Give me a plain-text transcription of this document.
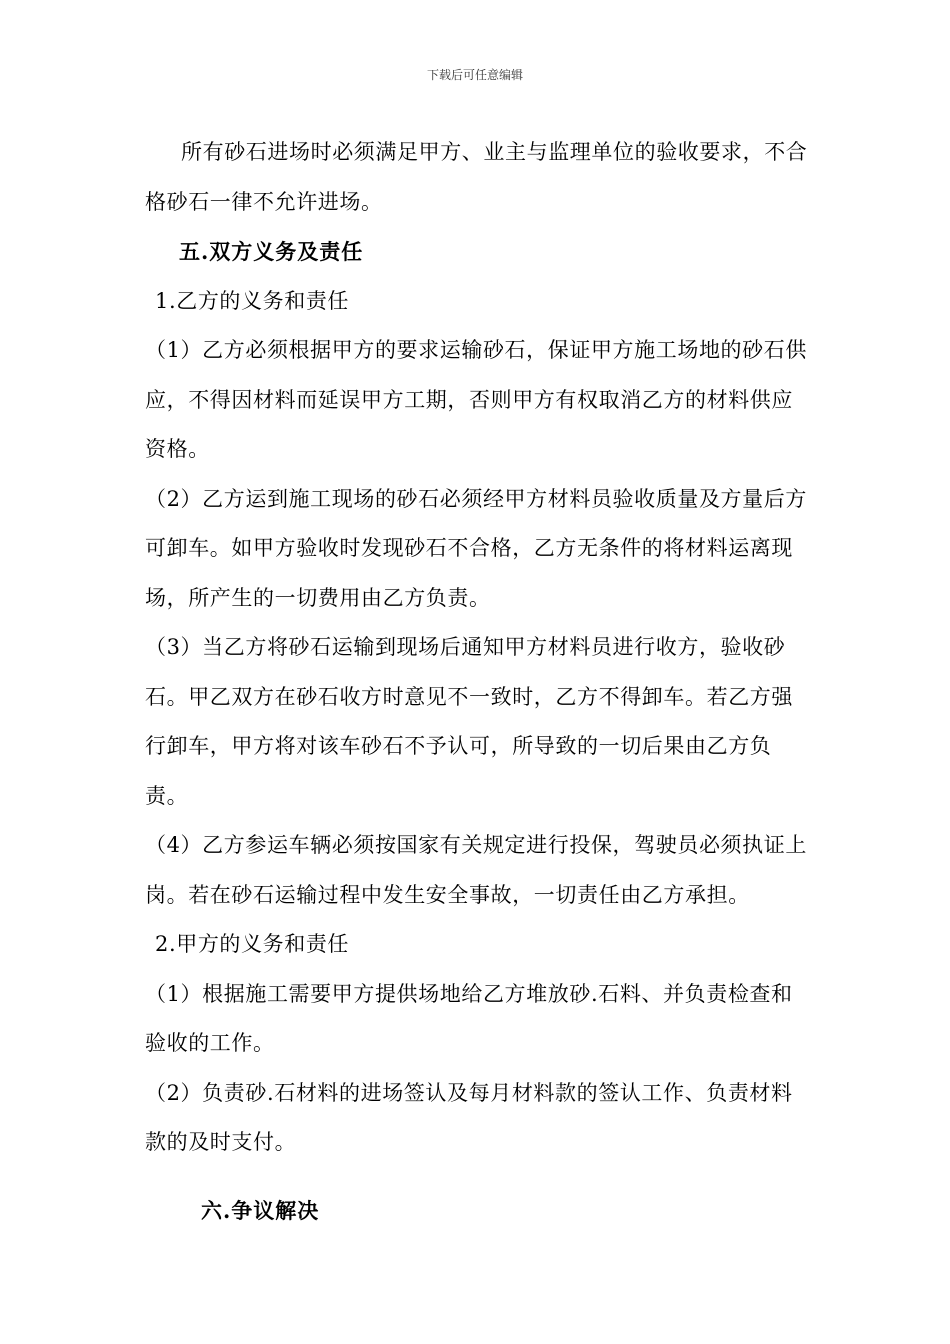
下载后可任意编辑

所有砂石进场时必须满足甲方、业主与监理单位的验收要求，不合格砂石一律不允许进场。

五.双方义务及责任

1.乙方的义务和责任

（1）乙方必须根据甲方的要求运输砂石，保证甲方施工场地的砂石供应，不得因材料而延误甲方工期，否则甲方有权取消乙方的材料供应资格。

（2）乙方运到施工现场的砂石必须经甲方材料员验收质量及方量后方可卸车。如甲方验收时发现砂石不合格，乙方无条件的将材料运离现场，所产生的一切费用由乙方负责。

（3）当乙方将砂石运输到现场后通知甲方材料员进行收方，验收砂石。甲乙双方在砂石收方时意见不一致时，乙方不得卸车。若乙方强行卸车，甲方将对该车砂石不予认可，所导致的一切后果由乙方负责。

（4）乙方参运车辆必须按国家有关规定进行投保，驾驶员必须执证上岗。若在砂石运输过程中发生安全事故，一切责任由乙方承担。

2.甲方的义务和责任

（1）根据施工需要甲方提供场地给乙方堆放砂.石料、并负责检查和验收的工作。

（2）负责砂.石材料的进场签认及每月材料款的签认工作、负责材料款的及时支付。

六.争议解决
